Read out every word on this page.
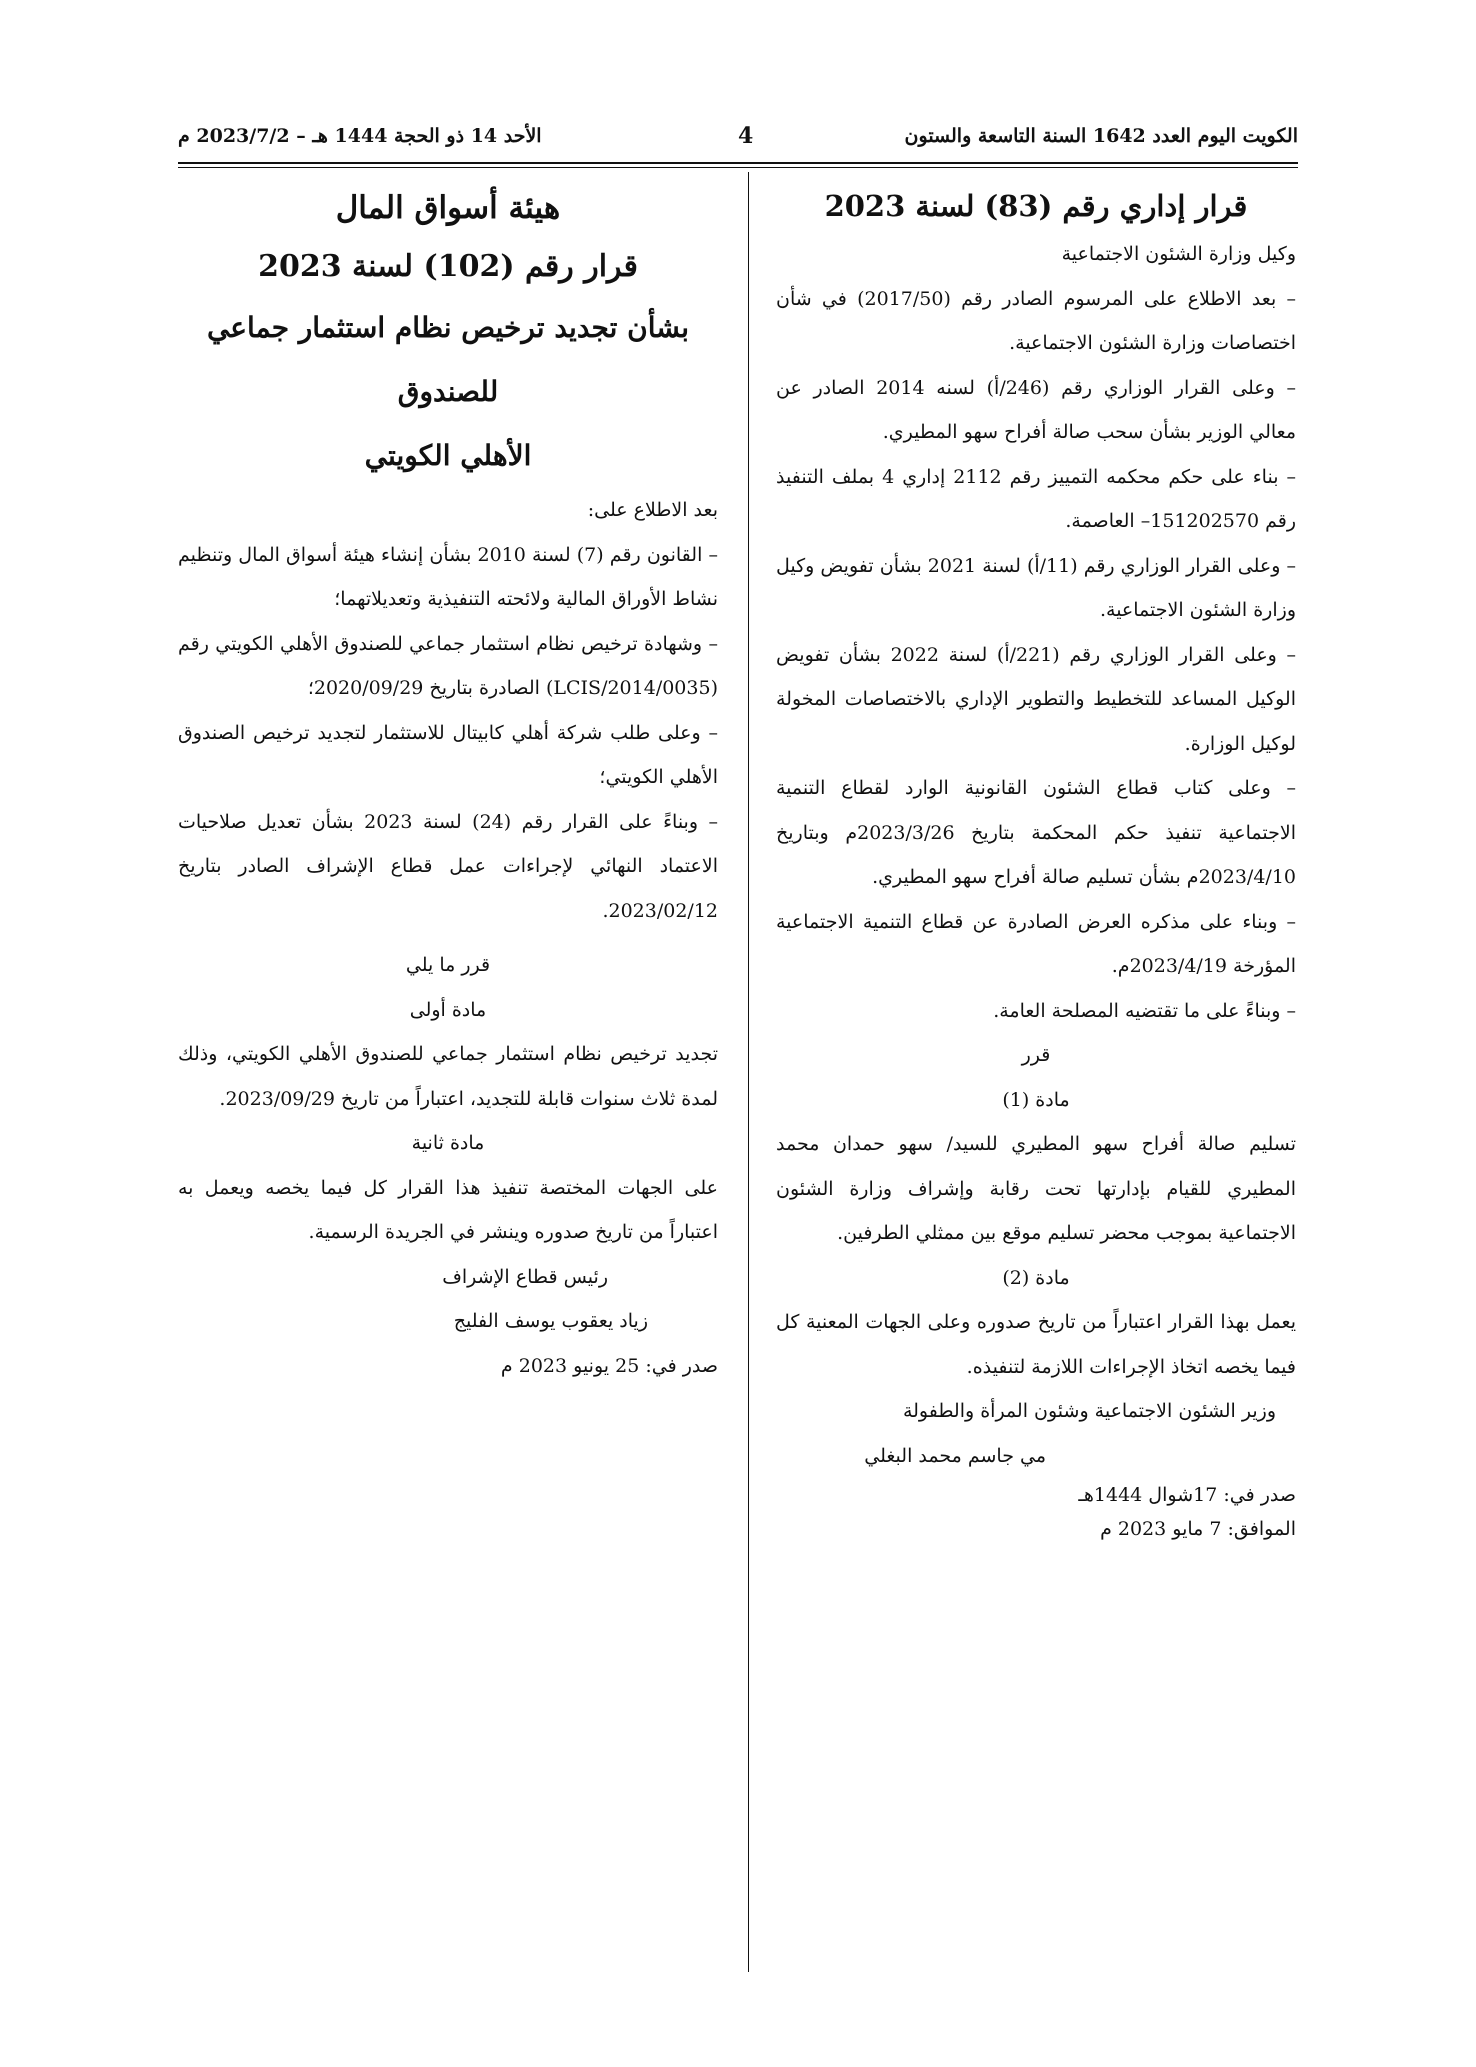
الكويت اليوم العدد 1642 السنة التاسعة والستون
4
الأحد 14 ذو الحجة 1444 هـ – 2023/7/2 م
قرار إداري رقم (83) لسنة 2023

وكيل وزارة الشئون الاجتماعية

– بعد الاطلاع على المرسوم الصادر رقم (2017/50) في شأن اختصاصات وزارة الشئون الاجتماعية.

– وعلى القرار الوزاري رقم (246/أ) لسنه 2014 الصادر عن معالي الوزير بشأن سحب صالة أفراح سهو المطيري.

– بناء على حكم محكمه التمييز رقم 2112 إداري 4 بملف التنفيذ رقم 151202570– العاصمة.

– وعلى القرار الوزاري رقم (11/أ) لسنة 2021 بشأن تفويض وكيل وزارة الشئون الاجتماعية.

– وعلى القرار الوزاري رقم (221/أ) لسنة 2022 بشأن تفويض الوكيل المساعد للتخطيط والتطوير الإداري بالاختصاصات المخولة لوكيل الوزارة.

– وعلى كتاب قطاع الشئون القانونية الوارد لقطاع التنمية الاجتماعية تنفيذ حكم المحكمة بتاريخ 2023/3/26م وبتاريخ 2023/4/10م بشأن تسليم صالة أفراح سهو المطيري.

– وبناء على مذكره العرض الصادرة عن قطاع التنمية الاجتماعية المؤرخة 2023/4/19م.

– وبناءً على ما تقتضيه المصلحة العامة.

قرر

مادة (1)

تسليم صالة أفراح سهو المطيري للسيد/ سهو حمدان محمد المطيري للقيام بإدارتها تحت رقابة وإشراف وزارة الشئون الاجتماعية بموجب محضر تسليم موقع بين ممثلي الطرفين.

مادة (2)

يعمل بهذا القرار اعتباراً من تاريخ صدوره وعلى الجهات المعنية كل فيما يخصه اتخاذ الإجراءات اللازمة لتنفيذه.

وزير الشئون الاجتماعية وشئون المرأة والطفولة

مي جاسم محمد البغلي

صدر في: 17شوال 1444هـ

الموافق: 7 مايو 2023 م

هيئة أسواق المال
قرار رقم (102) لسنة 2023
بشأن تجديد ترخيص نظام استثمار جماعي للصندوق
الأهلي الكويتي

بعد الاطلاع على:

– القانون رقم (7) لسنة 2010 بشأن إنشاء هيئة أسواق المال وتنظيم نشاط الأوراق المالية ولائحته التنفيذية وتعديلاتهما؛

– وشهادة ترخيص نظام استثمار جماعي للصندوق الأهلي الكويتي رقم (LCIS/2014/0035) الصادرة بتاريخ 2020/09/29؛

– وعلى طلب شركة أهلي كابيتال للاستثمار لتجديد ترخيص الصندوق الأهلي الكويتي؛

– وبناءً على القرار رقم (24) لسنة 2023 بشأن تعديل صلاحيات الاعتماد النهائي لإجراءات عمل قطاع الإشراف الصادر بتاريخ 2023/02/12.

قرر ما يلي

مادة أولى

تجديد ترخيص نظام استثمار جماعي للصندوق الأهلي الكويتي، وذلك لمدة ثلاث سنوات قابلة للتجديد، اعتباراً من تاريخ 2023/09/29.

مادة ثانية

على الجهات المختصة تنفيذ هذا القرار كل فيما يخصه ويعمل به اعتباراً من تاريخ صدوره وينشر في الجريدة الرسمية.

رئيس قطاع الإشراف

زياد يعقوب يوسف الفليج

صدر في: 25 يونيو 2023 م
